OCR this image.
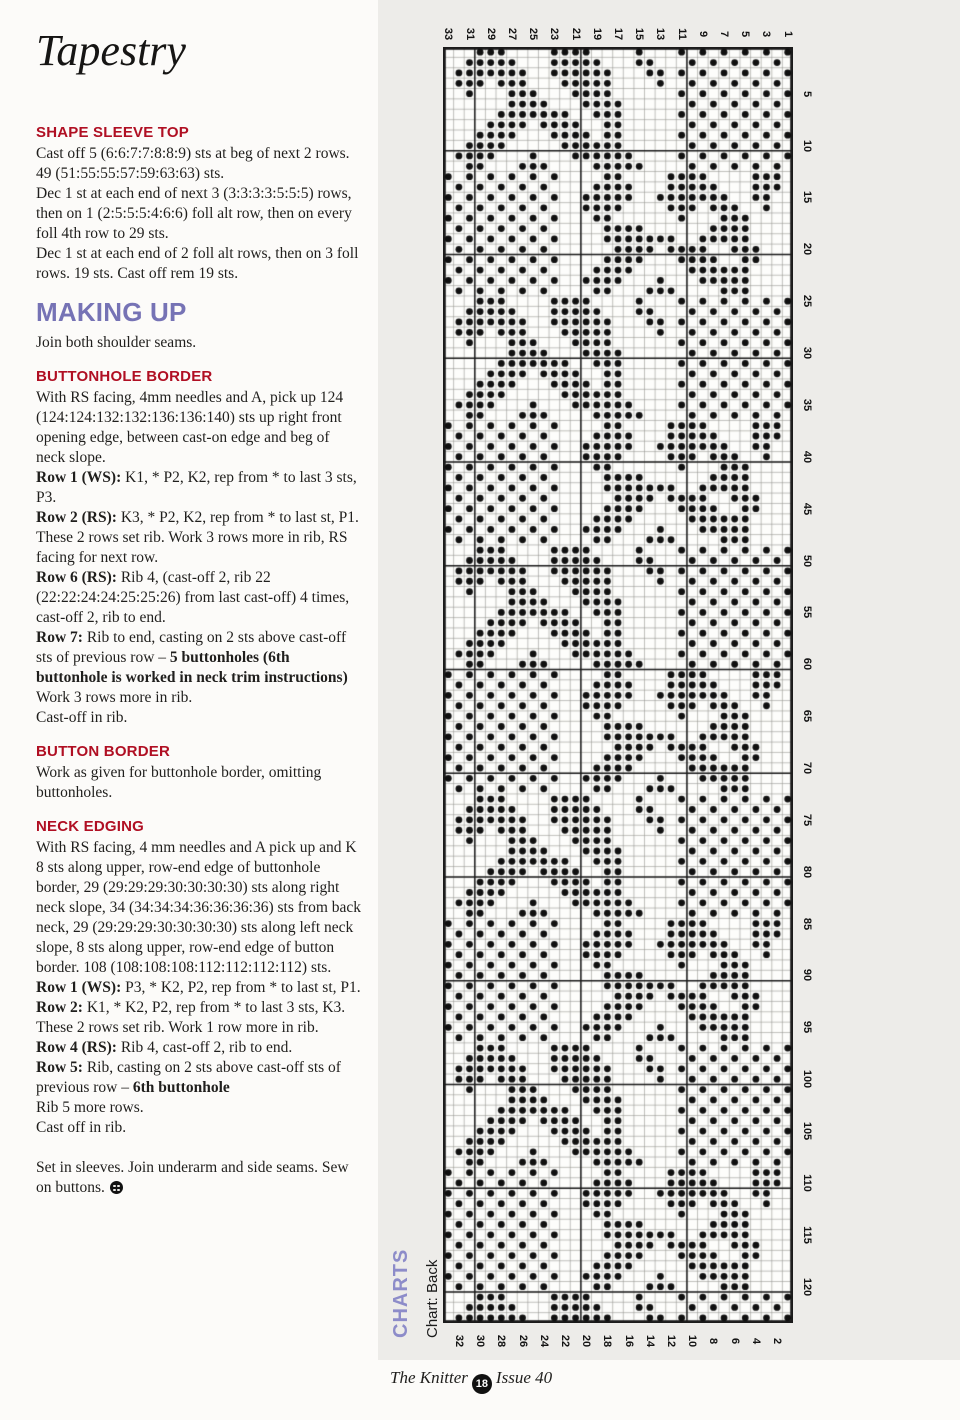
33 31 29 27 25 23 21 19 17 15 13 11 9 7 5 3 1
32 30 28 26 24 22 20 18 16 14 12 10 8 6 4 2
5
10
15
20
25
30
35
40
45
50
55
60
65
70
75
80
85
90
95
100
105
110
115
120
CHARTS Chart: Back
Tapestry
SHAPE SLEEVE TOP

Cast off 5 (6:6:7:7:8:8:9) sts at beg of next 2 rows. 49 (51:55:55:57:59:63:63) sts.

Dec 1 st at each end of next 3 (3:3:3:3:5:5:5) rows, then on 1 (2:5:5:5:4:6:6) foll alt row, then on every foll 4th row to 29 sts.

Dec 1 st at each end of 2 foll alt rows, then on 3 foll rows. 19 sts. Cast off rem 19 sts.

MAKING UP

Join both shoulder seams.

BUTTONHOLE BORDER

With RS facing, 4mm needles and A, pick up 124 (124:124:132:132:136:136:140) sts up right front opening edge, between cast-on edge and beg of neck slope.

Row 1 (WS): K1, * P2, K2, rep from * to last 3 sts, P3.

Row 2 (RS): K3, * P2, K2, rep from * to last st, P1.

These 2 rows set rib. Work 3 rows more in rib, RS facing for next row.

Row 6 (RS): Rib 4, (cast-off 2, rib 22 (22:22:24:24:25:25:26) from last cast-off) 4 times, cast-off 2, rib to end.

Row 7: Rib to end, casting on 2 sts above cast-off sts of previous row – 5 buttonholes (6th buttonhole is worked in neck trim instructions)

Work 3 rows more in rib.

Cast-off in rib.

BUTTON BORDER

Work as given for buttonhole border, omitting buttonholes.

NECK EDGING

With RS facing, 4 mm needles and A pick up and K 8 sts along upper, row-end edge of buttonhole border, 29 (29:29:29:30:30:30:30) sts along right neck slope, 34 (34:34:34:36:36:36:36) sts from back neck, 29 (29:29:29:30:30:30:30) sts along left neck slope, 8 sts along upper, row-end edge of button border. 108 (108:108:108:112:112:112:112) sts.

Row 1 (WS): P3, * K2, P2, rep from * to last st, P1.

Row 2: K1, * K2, P2, rep from * to last 3 sts, K3.

These 2 rows set rib. Work 1 row more in rib.

Row 4 (RS): Rib 4, cast-off 2, rib to end.

Row 5: Rib, casting on 2 sts above cast-off sts of previous row – 6th buttonhole

Rib 5 more rows.

Cast off in rib.

Set in sleeves. Join underarm and side seams. Sew on buttons.

The Knitter 18 Issue 40
